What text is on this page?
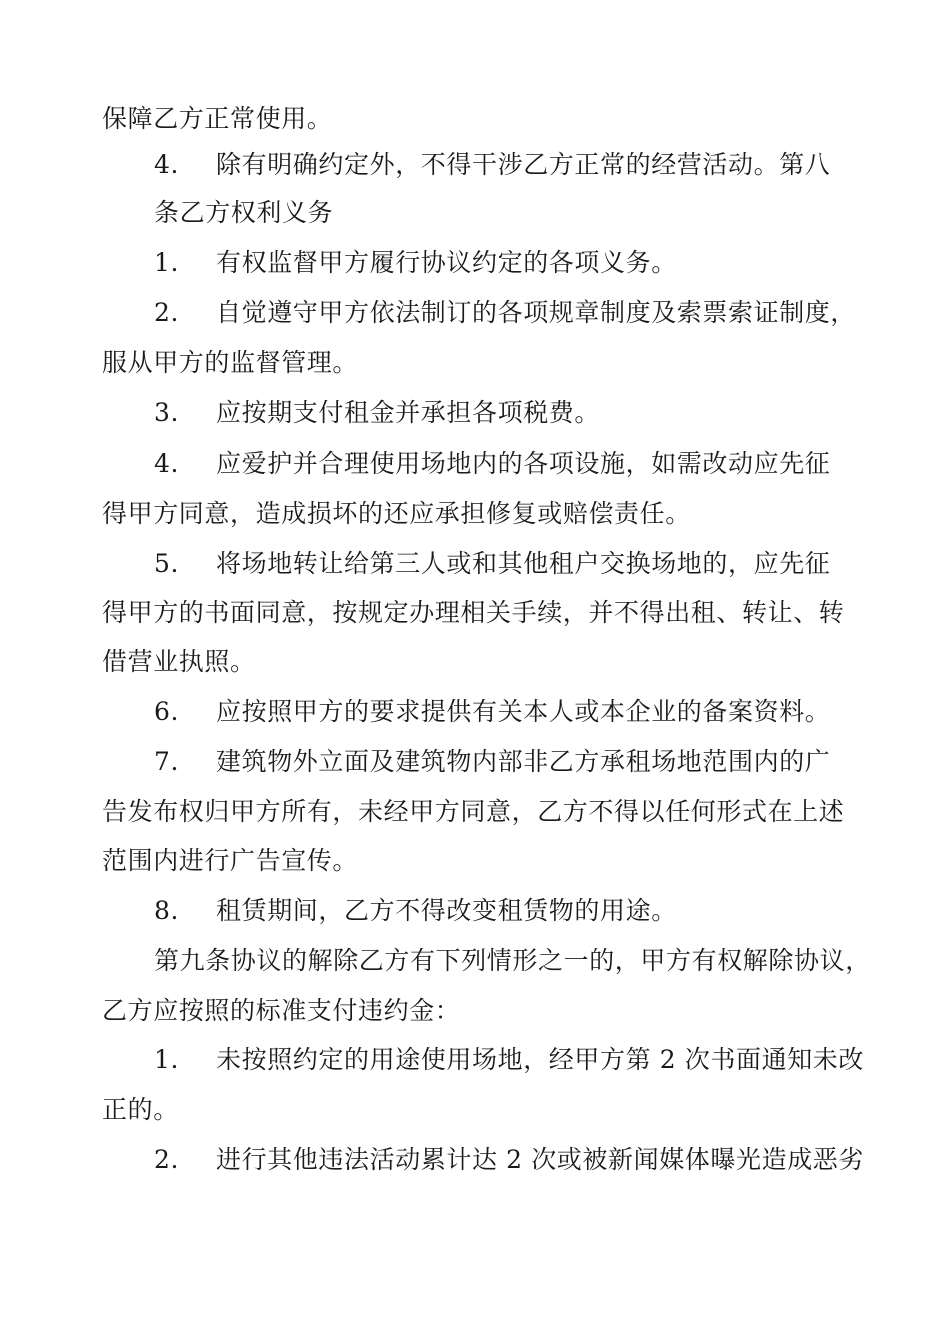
保障乙方正常使用。
4. 除有明确约定外，不得干涉乙方正常的经营活动。第八
条乙方权利义务
1. 有权监督甲方履行协议约定的各项义务。
2. 自觉遵守甲方依法制订的各项规章制度及索票索证制度，
服从甲方的监督管理。
3. 应按期支付租金并承担各项税费。
4. 应爱护并合理使用场地内的各项设施，如需改动应先征
得甲方同意，造成损坏的还应承担修复或赔偿责任。
5. 将场地转让给第三人或和其他租户交换场地的，应先征
得甲方的书面同意，按规定办理相关手续，并不得出租、转让、转
借营业执照。
6. 应按照甲方的要求提供有关本人或本企业的备案资料。
7. 建筑物外立面及建筑物内部非乙方承租场地范围内的广
告发布权归甲方所有，未经甲方同意，乙方不得以任何形式在上述
范围内进行广告宣传。
8. 租赁期间，乙方不得改变租赁物的用途。
第九条协议的解除乙方有下列情形之一的，甲方有权解除协议，
乙方应按照的标准支付违约金：
1. 未按照约定的用途使用场地，经甲方第 2 次书面通知未改
正的。
2. 进行其他违法活动累计达 2 次或被新闻媒体曝光造成恶劣
